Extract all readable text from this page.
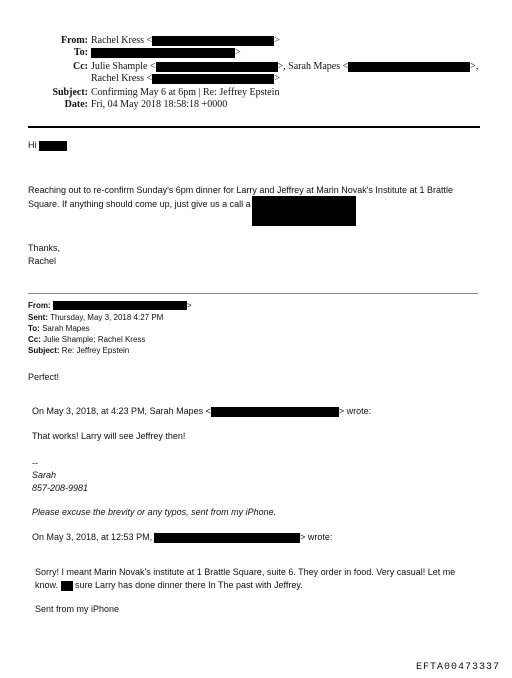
From: Rachel Kress <	>
To:	>
Cc: Julie Shample <	>, Sarah Mapes <	>,
Rachel Kress <	>
Subject: Confirming May 6 at 6pm | Re: Jeffrey Epstein
Date: Fri, 04 May 2018 18:58:18 +0000
Hi
Reaching out to re-confirm Sunday's 6pm dinner for Larry and Jeffrey at Marin Novak's Institute at 1 Brattle
Square. If anything should come up, just give us a call a
Thanks,
Rachel
From:	>
Sent: Thursday, May 3, 2018 4:27 PM
To: Sarah Mapes
Cc: Julie Shample; Rachel Kress
Subject: Re: Jeffrey Epstein
Perfect!
On May 3, 2018, at 4:23 PM, Sarah Mapes <	> wrote:
That works! Larry will see Jeffrey then!
--
Sarah
857-208-9981
Please excuse the brevity or any typos, sent from my iPhone.
On May 3, 2018, at 12:53 PM,	> wrote:
Sorry! I meant Marin Novak's institute at 1 Brattle Square, suite 6. They order in food. Very casual! Let me
know. sure Larry has done dinner there In The past with Jeffrey.
Sent from my iPhone
EFTA00473337
